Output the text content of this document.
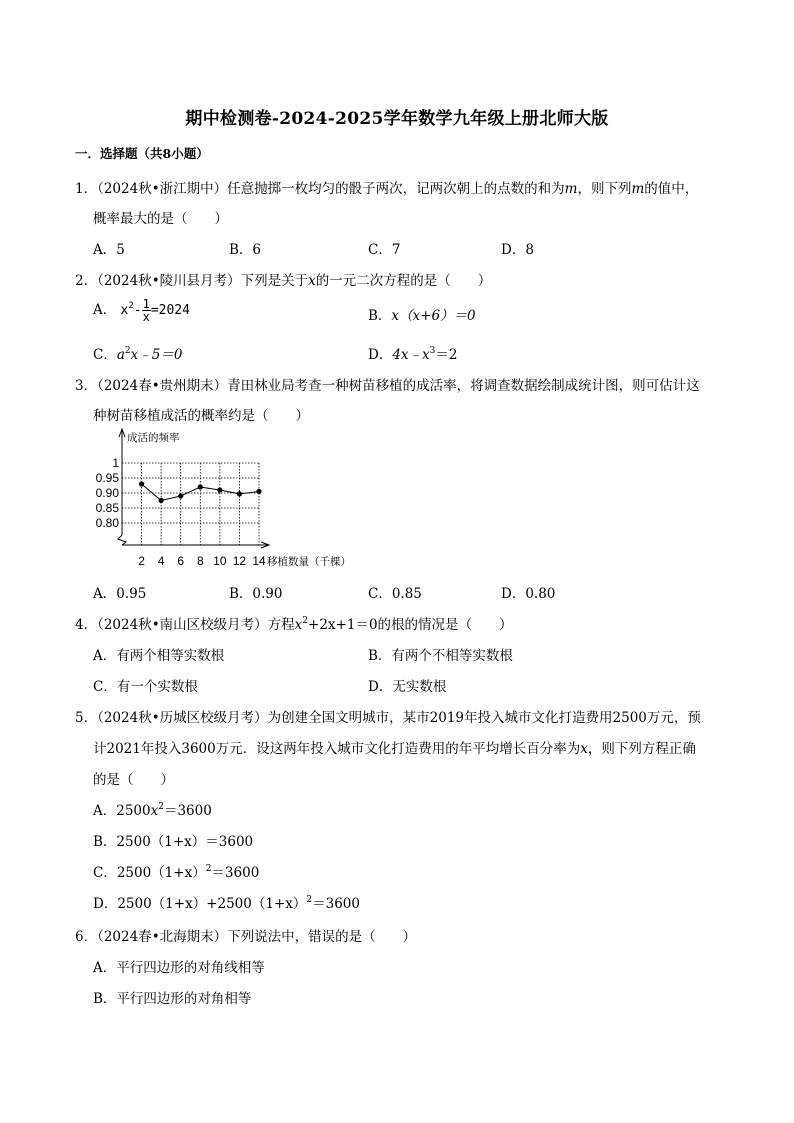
期中检测卷-2024-2025学年数学九年级上册北师大版
一．选择题（共8小题）
1．（2024秋•浙江期中）任意抛掷一枚均匀的骰子两次，记两次朝上的点数的和为m，则下列m的值中，
概率最大的是（　　）
A．5	B．6	C．7	D．8
2．（2024秋•陵川县月考）下列是关于x的一元二次方程的是（　　）
A． $x^2- \frac{1}{x} =2024$	B．x（x+6）＝0
C．$a^2x﹣5=0$	D．$4x﹣x^3=2$
3．（2024春•贵州期末）青田林业局考查一种树苗移植的成活率，将调查数据绘制成统计图，则可估计这
种树苗移植成活的概率约是（　　）
1
0.95
0.90
0.85
0.80
2 4 6 8 10 12 14
成活的频率
移植数量（千棵）
A．0.95	B．0.90	C．0.85	D．0.80
4．（2024秋•南山区校级月考）方程$x^2+2x+1=0$的根的情况是（　　）
A．有两个相等实数根	B．有两个不相等实数根
C．有一个实数根	D．无实数根
5．（2024秋•历城区校级月考）为创建全国文明城市，某市2019年投入城市文化打造费用2500万元，预
计2021年投入3600万元．设这两年投入城市文化打造费用的年平均增长百分率为x，则下列方程正确
的是（　　）
A．$2500x^2=3600$
B．2500（1+x）＝3600
C．$2500(1+x)^2=3600$
D．$2500(1+x)+2500(1+x)^2=3600$
6．（2024春•北海期末）下列说法中，错误的是（　　）
A．平行四边形的对角线相等
B．平行四边形的对角相等
